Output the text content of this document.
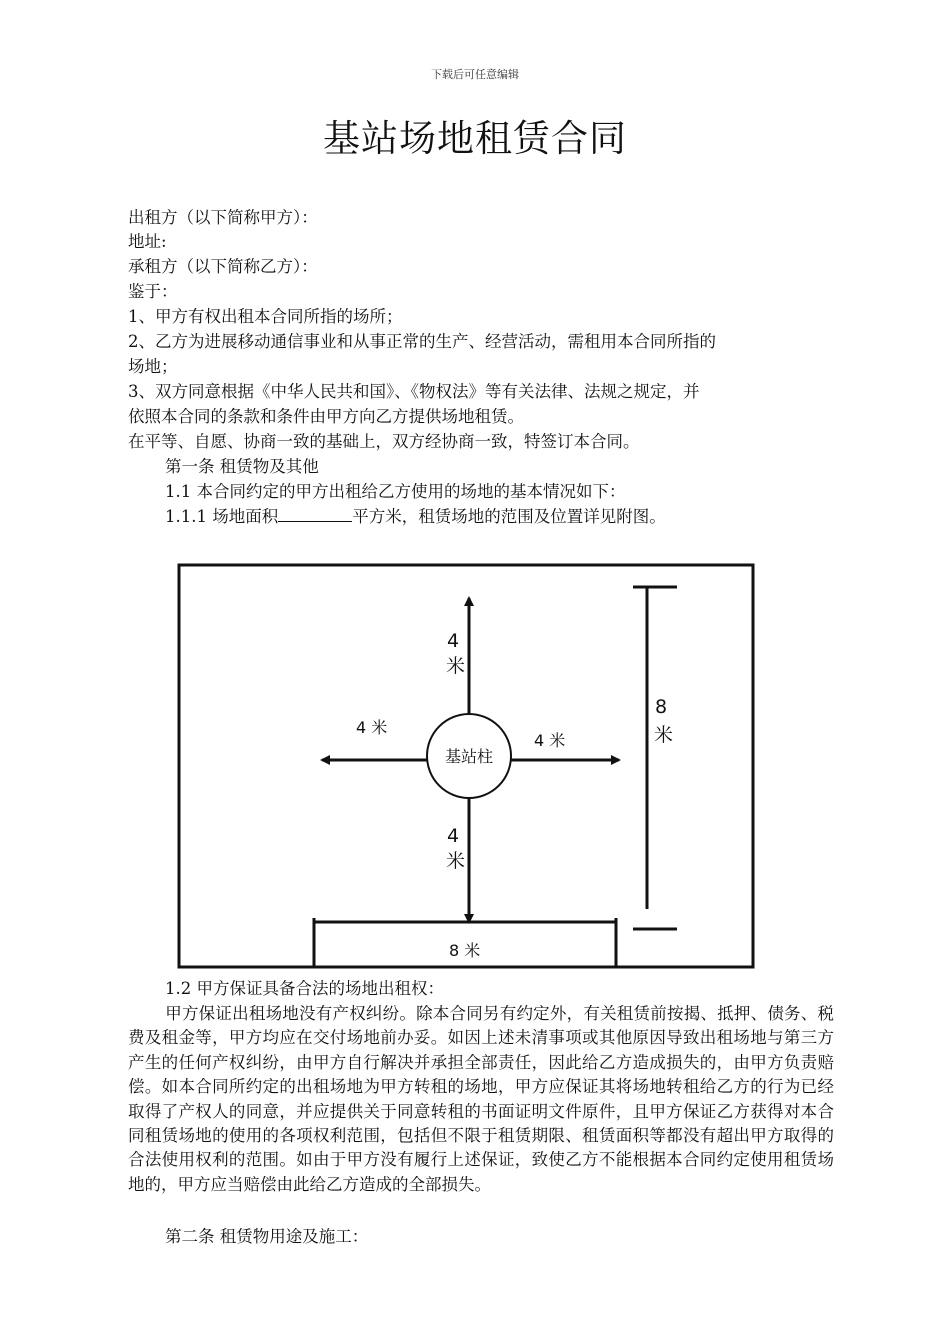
下载后可任意编辑
基站场地租赁合同
出租方（以下简称甲方）：
地址:
承租方（以下简称乙方）：
鉴于：
1、甲方有权出租本合同所指的场所；
2、乙方为进展移动通信事业和从事正常的生产、经营活动，需租用本合同所指的
场地；
3、双方同意根据《中华人民共和国》、《物权法》等有关法律、法规之规定，并
依照本合同的条款和条件由甲方向乙方提供场地租赁。
在平等、自愿、协商一致的基础上，双方经协商一致，特签订本合同。
第一条 租赁物及其他
1.1 本合同约定的甲方出租给乙方使用的场地的基本情况如下：
1.1.1 场地面积	平方米，租赁场地的范围及位置详见附图。
基站柱
4
米
4
米
4 米
4 米
8
米
8 米
1.2 甲方保证具备合法的场地出租权：

甲方保证出租场地没有产权纠纷。除本合同另有约定外，有关租赁前按揭、抵押、债务、税费及租金等，甲方均应在交付场地前办妥。如因上述未清事项或其他原因导致出租场地与第三方产生的任何产权纠纷，由甲方自行解决并承担全部责任，因此给乙方造成损失的，由甲方负责赔偿。如本合同所约定的出租场地为甲方转租的场地，甲方应保证其将场地转租给乙方的行为已经取得了产权人的同意，并应提供关于同意转租的书面证明文件原件，且甲方保证乙方获得对本合同租赁场地的使用的各项权利范围，包括但不限于租赁期限、租赁面积等都没有超出甲方取得的合法使用权利的范围。如由于甲方没有履行上述保证，致使乙方不能根据本合同约定使用租赁场地的，甲方应当赔偿由此给乙方造成的全部损失。

第二条 租赁物用途及施工：
